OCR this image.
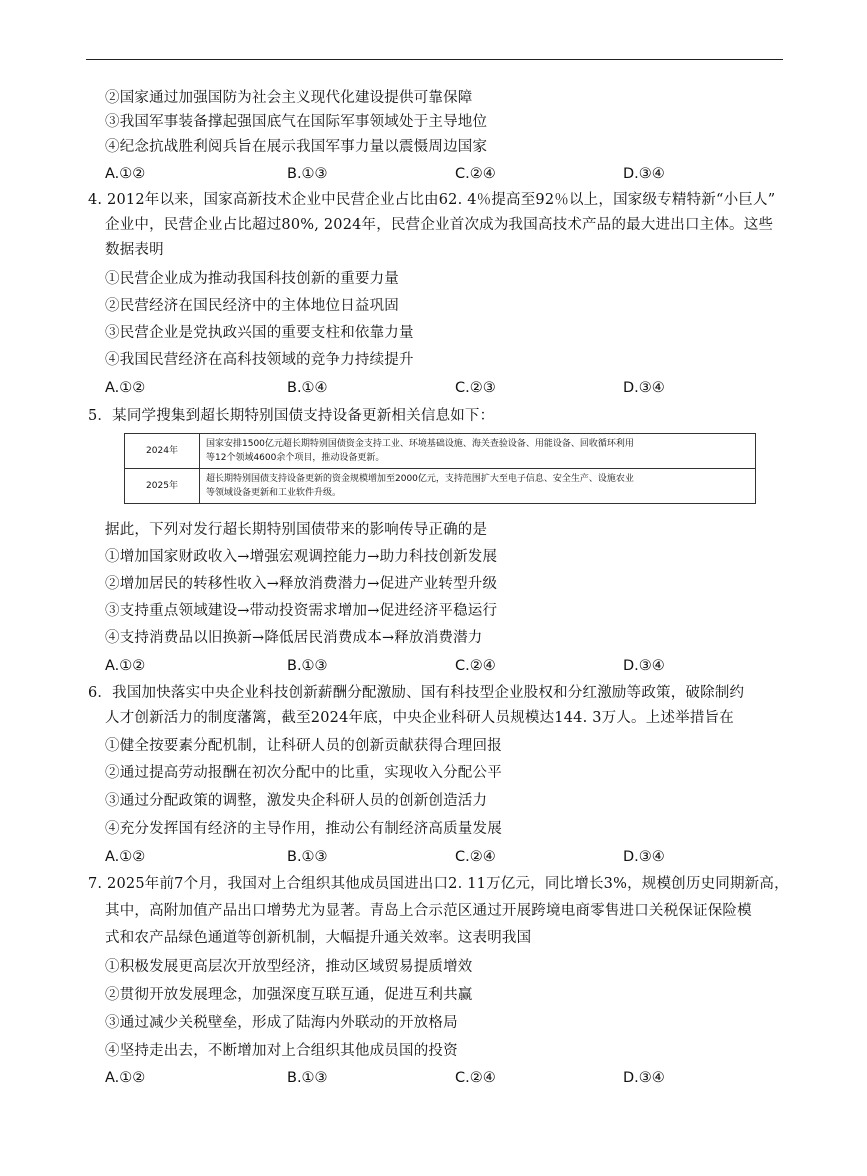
②国家通过加强国防为社会主义现代化建设提供可靠保障
③我国军事装备撑起强国底气在国际军事领域处于主导地位
④纪念抗战胜利阅兵旨在展示我国军事力量以震慑周边国家
A.①②	B.①③	C.②④	D.③④
4. 2012年以来，国家高新技术企业中民营企业占比由62. 4％提高至92％以上，国家级专精特新“小巨人”
企业中，民营企业占比超过80%, 2024年，民营企业首次成为我国高技术产品的最大进出口主体。这些
数据表明
①民营企业成为推动我国科技创新的重要力量
②民营经济在国民经济中的主体地位日益巩固
③民营企业是党执政兴国的重要支柱和依靠力量
④我国民营经济在高科技领域的竞争力持续提升
A.①②	B.①④	C.②③	D.③④
5．某同学搜集到超长期特别国债支持设备更新相关信息如下：
2024年	国家安排1500亿元超长期特别国债资金支持工业、环境基础设施、海关查验设备、用能设备、回收循环利用
等12个领域4600余个项目，推动设备更新。

2025年	超长期特别国债支持设备更新的资金规模增加至2000亿元，支持范围扩大至电子信息、安全生产、设施农业
等领域设备更新和工业软件升级。
据此，下列对发行超长期特别国债带来的影响传导正确的是
①增加国家财政收入→增强宏观调控能力→助力科技创新发展
②增加居民的转移性收入→释放消费潜力→促进产业转型升级
③支持重点领域建设→带动投资需求增加→促进经济平稳运行
④支持消费品以旧换新→降低居民消费成本→释放消费潜力
A.①②	B.①③	C.②④	D.③④
6．我国加快落实中央企业科技创新薪酬分配激励、国有科技型企业股权和分红激励等政策，破除制约
人才创新活力的制度藩篱，截至2024年底，中央企业科研人员规模达144. 3万人。上述举措旨在
①健全按要素分配机制，让科研人员的创新贡献获得合理回报
②通过提高劳动报酬在初次分配中的比重，实现收入分配公平
③通过分配政策的调整，激发央企科研人员的创新创造活力
④充分发挥国有经济的主导作用，推动公有制经济高质量发展
A.①②	B.①③	C.②④	D.③④
7. 2025年前7个月，我国对上合组织其他成员国进出口2. 11万亿元，同比增长3%，规模创历史同期新高，
其中，高附加值产品出口增势尤为显著。青岛上合示范区通过开展跨境电商零售进口关税保证保险模
式和农产品绿色通道等创新机制，大幅提升通关效率。这表明我国
①积极发展更高层次开放型经济，推动区域贸易提质增效
②贯彻开放发展理念，加强深度互联互通，促进互利共赢
③通过减少关税壁垒，形成了陆海内外联动的开放格局
④坚持走出去，不断增加对上合组织其他成员国的投资
A.①②	B.①③	C.②④	D.③④
